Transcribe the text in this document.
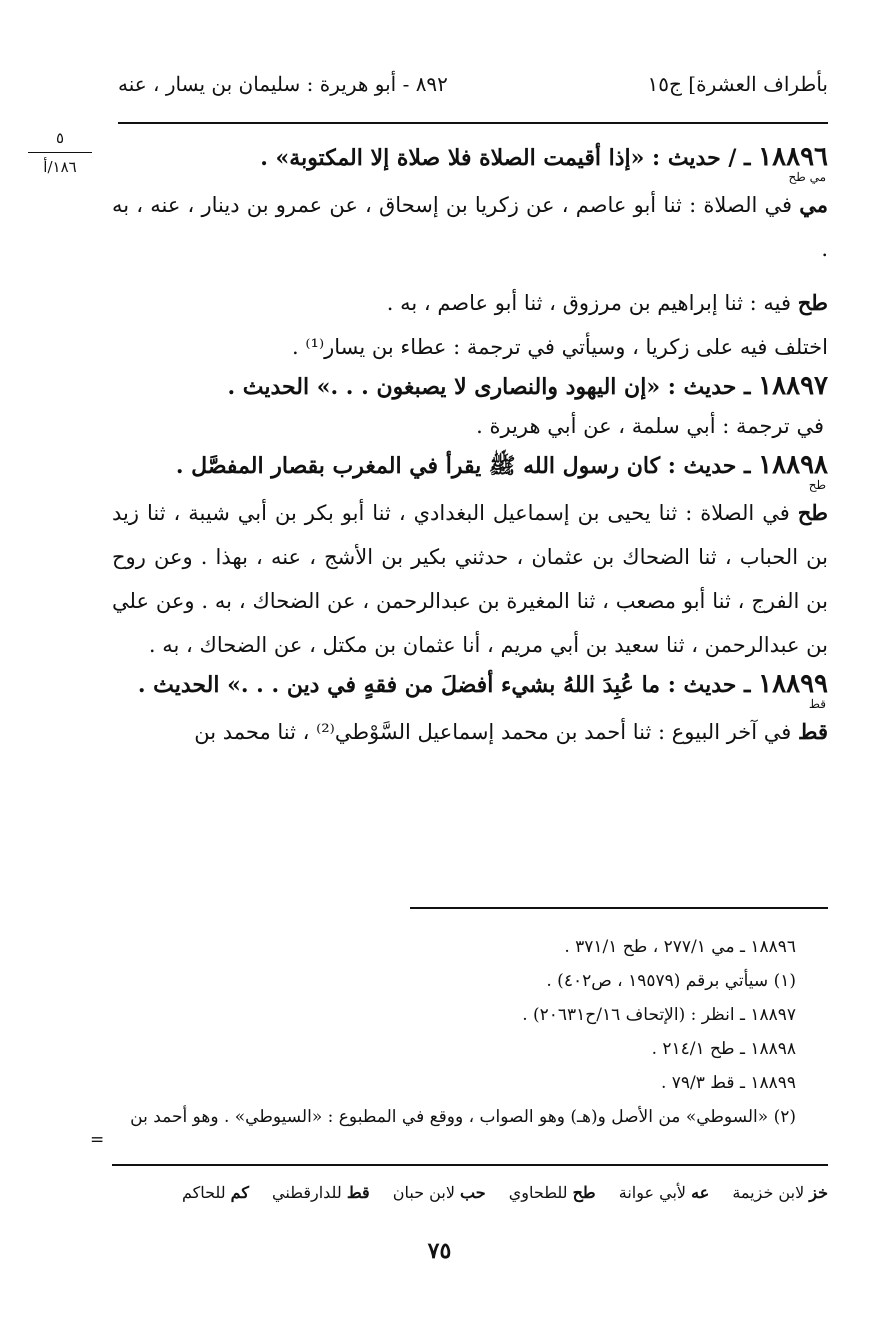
٨٩٢ - أبو هريرة : سليمان بن يسار ، عنه	بأطراف العشرة] ج١٥
٥
١٨٦/أ	١٨٨٩٦ ـ / حديث : «إذا أقيمت الصلاة فلا صلاة إلا المكتوبة» .

مي طح

مي في الصلاة : ثنا أبو عاصم ، عن زكريا بن إسحاق ، عن عمرو بن دينار ، عنه ، به .

طح فيه : ثنا إبراهيم بن مرزوق ، ثنا أبو عاصم ، به .

اختلف فيه على زكريا ، وسيأتي في ترجمة : عطاء بن يسار⁽¹⁾ .

١٨٨٩٧ ـ حديث : «إن اليهود والنصارى لا يصبغون . . .» الحديث .

في ترجمة : أبي سلمة ، عن أبي هريرة .

١٨٨٩٨ ـ حديث : كان رسول الله ﷺ يقرأ في المغرب بقصار المفصَّل .

طح

طح في الصلاة : ثنا يحيى بن إسماعيل البغدادي ، ثنا أبو بكر بن أبي شيبة ، ثنا زيد بن الحباب ، ثنا الضحاك بن عثمان ، حدثني بكير بن الأشج ، عنه ، بهذا . وعن روح بن الفرج ، ثنا أبو مصعب ، ثنا المغيرة بن عبدالرحمن ، عن الضحاك ، به . وعن علي بن عبدالرحمن ، ثنا سعيد بن أبي مريم ، أنا عثمان بن مكتل ، عن الضحاك ، به .

١٨٨٩٩ ـ حديث : ما عُبِدَ اللهُ بشيء أفضلَ من فقهٍ في دين . . .» الحديث .

قط

قط في آخر البيوع : ثنا أحمد بن محمد إسماعيل السَّوْطي⁽²⁾ ، ثنا محمد بن

١٨٨٩٦ ـ مي ٢٧٧/١ ، طح ٣٧١/١ .

(١) سيأتي برقم (١٩٥٧٩ ، ص٤٠٢) .

١٨٨٩٧ ـ انظر : (الإتحاف ١٦/ح٢٠٦٣١) .

١٨٨٩٨ ـ طح ٢١٤/١ .

١٨٨٩٩ ـ قط ٧٩/٣ .

(٢) «السوطي» من الأصل و(هـ) وهو الصواب ، ووقع في المطبوع : «السيوطي» . وهو أحمد بن

=
خز لابن خزيمة عه لأبي عوانة طح للطحاوي حب لابن حبان قط للدارقطني كم للحاكم
٧٥
